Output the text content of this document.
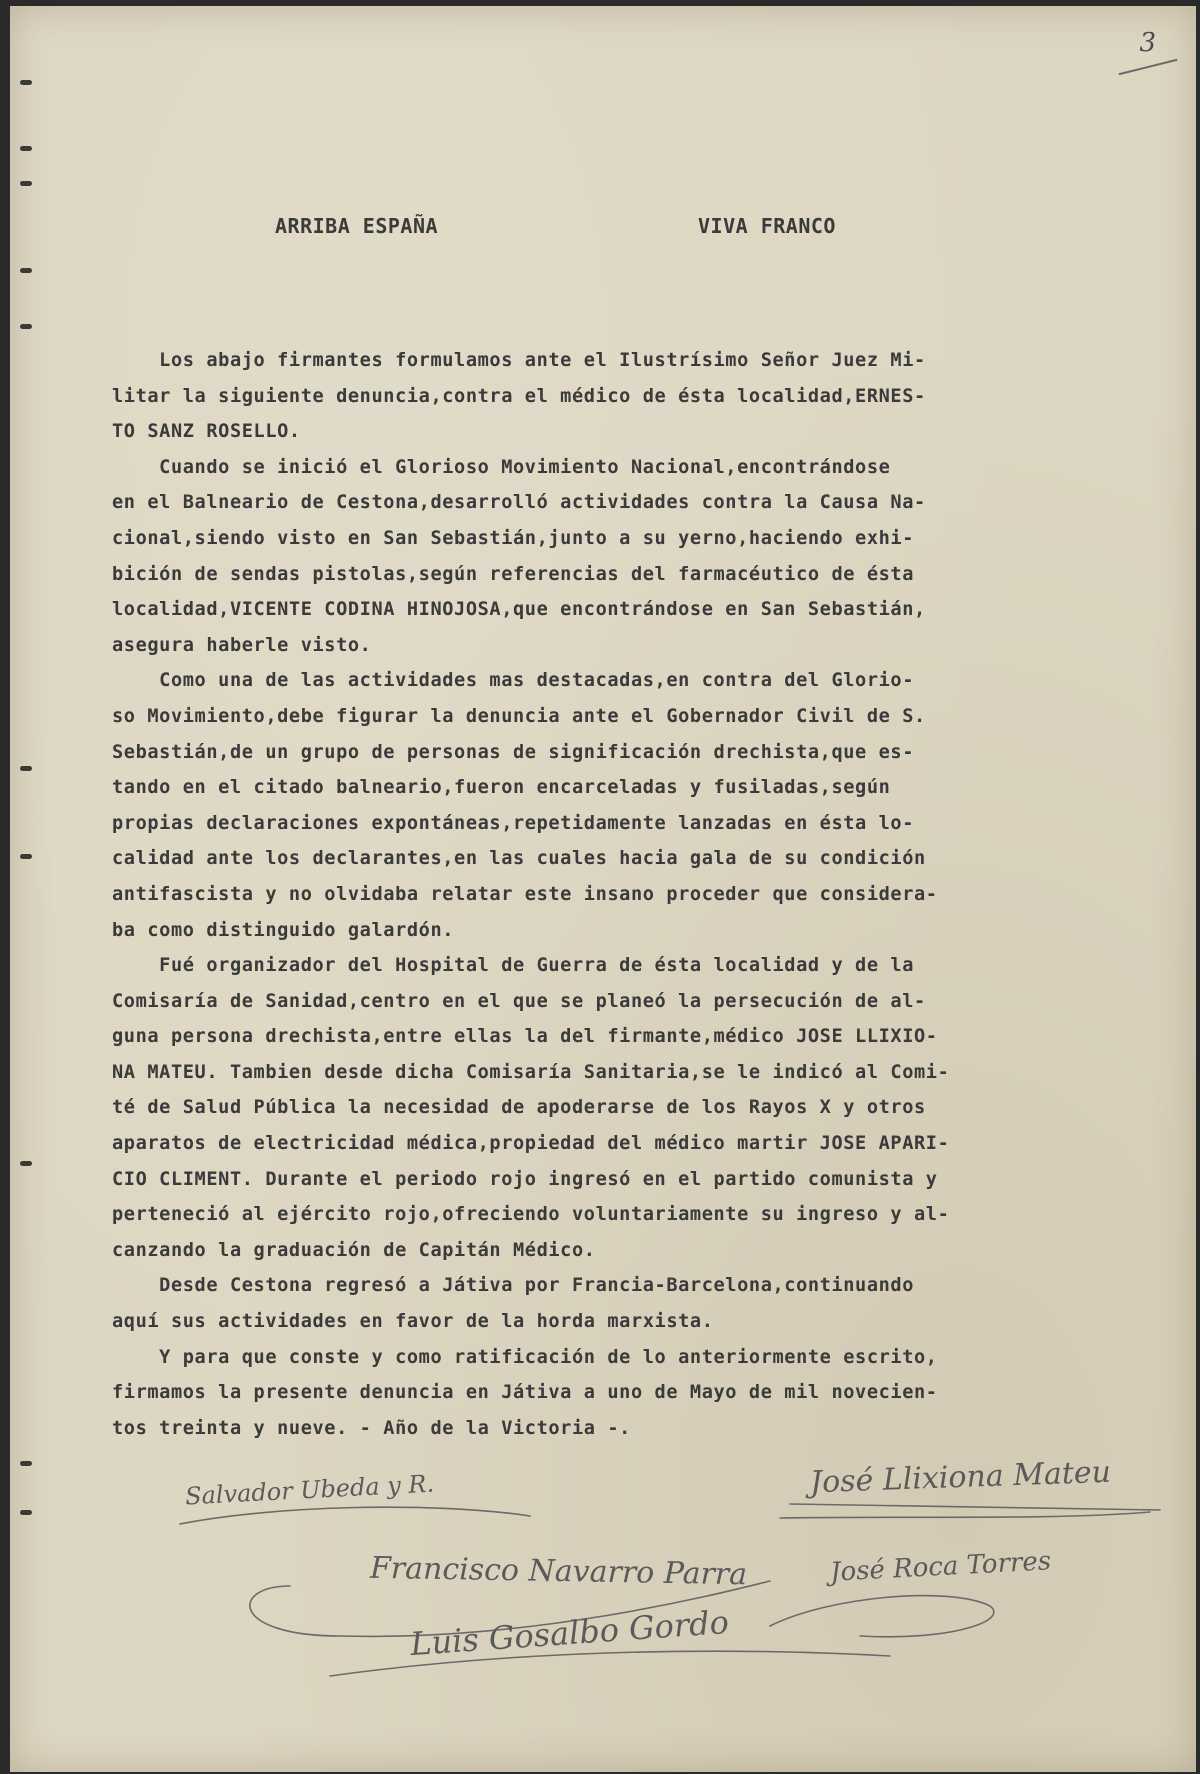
3
ARRIBA ESPAÑA	VIVA FRANCO
Los abajo firmantes formulamos ante el Ilustrísimo Señor Juez Mi-
litar la siguiente denuncia,contra el médico de ésta localidad,ERNES-
TO SANZ ROSELLO.
Cuando se inició el Glorioso Movimiento Nacional,encontrándose
en el Balneario de Cestona,desarrolló actividades contra la Causa Na-
cional,siendo visto en San Sebastián,junto a su yerno,haciendo exhi-
bición de sendas pistolas,según referencias del farmacéutico de ésta
localidad,VICENTE CODINA HINOJOSA,que encontrándose en San Sebastián,
asegura haberle visto.
Como una de las actividades mas destacadas,en contra del Glorio-
so Movimiento,debe figurar la denuncia ante el Gobernador Civil de S.
Sebastián,de un grupo de personas de significación drechista,que es-
tando en el citado balneario,fueron encarceladas y fusiladas,según
propias declaraciones expontáneas,repetidamente lanzadas en ésta lo-
calidad ante los declarantes,en las cuales hacia gala de su condición
antifascista y no olvidaba relatar este insano proceder que considera-
ba como distinguido galardón.
Fué organizador del Hospital de Guerra de ésta localidad y de la
Comisaría de Sanidad,centro en el que se planeó la persecución de al-
guna persona drechista,entre ellas la del firmante,médico JOSE LLIXIO-
NA MATEU. Tambien desde dicha Comisaría Sanitaria,se le indicó al Comi-
té de Salud Pública la necesidad de apoderarse de los Rayos X y otros
aparatos de electricidad médica,propiedad del médico martir JOSE APARI-
CIO CLIMENT. Durante el periodo rojo ingresó en el partido comunista y
perteneció al ejército rojo,ofreciendo voluntariamente su ingreso y al-
canzando la graduación de Capitán Médico.
Desde Cestona regresó a Játiva por Francia-Barcelona,continuando
aquí sus actividades en favor de la horda marxista.
Y para que conste y como ratificación de lo anteriormente escrito,
firmamos la presente denuncia en Játiva a uno de Mayo de mil novecien-
tos treinta y nueve. - Año de la Victoria -.
Salvador Ubeda y R.	José Llixiona Mateu
Francisco Navarro Parra	José Roca Torres
Luis Gosalbo Gordo
